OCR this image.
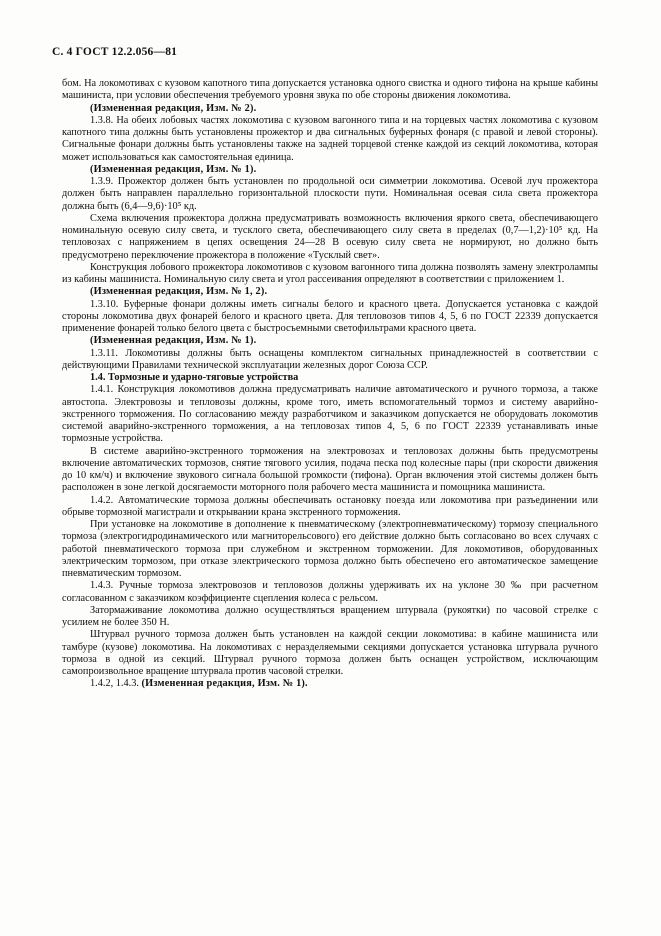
С. 4 ГОСТ 12.2.056—81

бом. На локомотивах с кузовом капотного типа допускается установка одного свистка и одного тифона на крыше кабины машиниста, при условии обеспечения требуемого уровня звука по обе стороны движения локомотива.

(Измененная редакция, Изм. № 2).

1.3.8. На обеих лобовых частях локомотива с кузовом вагонного типа и на торцевых частях локомотива с кузовом капотного типа должны быть установлены прожектор и два сигнальных буферных фонаря (с правой и левой стороны). Сигнальные фонари должны быть установлены также на задней торцевой стенке каждой из секций локомотива, которая может использоваться как самостоятельная единица.

(Измененная редакция, Изм. № 1).

1.3.9. Прожектор должен быть установлен по продольной оси симметрии локомотива. Осевой луч прожектора должен быть направлен параллельно горизонтальной плоскости пути. Номинальная осевая сила света прожектора должна быть (6,4—9,6)·10⁵ кд.

Схема включения прожектора должна предусматривать возможность включения яркого света, обеспечивающего номинальную осевую силу света, и тусклого света, обеспечивающего силу света в пределах (0,7—1,2)·10⁵ кд. На тепловозах с напряжением в цепях освещения 24—28 В осевую силу света не нормируют, но должно быть предусмотрено переключение прожектора в положение «Тусклый свет».

Конструкция лобового прожектора локомотивов с кузовом вагонного типа должна позволять замену электролампы из кабины машиниста. Номинальную силу света и угол рассеивания определяют в соответствии с приложением 1.

(Измененная редакция, Изм. № 1, 2).

1.3.10. Буферные фонари должны иметь сигналы белого и красного цвета. Допускается установка с каждой стороны локомотива двух фонарей белого и красного цвета. Для тепловозов типов 4, 5, 6 по ГОСТ 22339 допускается применение фонарей только белого цвета с быстросъемными светофильтрами красного цвета.

(Измененная редакция, Изм. № 1).

1.3.11. Локомотивы должны быть оснащены комплектом сигнальных принадлежностей в соответствии с действующими Правилами технической эксплуатации железных дорог Союза ССР.

1.4. Тормозные и ударно-тяговые устройства

1.4.1. Конструкция локомотивов должна предусматривать наличие автоматического и ручного тормоза, а также автостопа. Электровозы и тепловозы должны, кроме того, иметь вспомогательный тормоз и систему аварийно-экстренного торможения. По согласованию между разработчиком и заказчиком допускается не оборудовать локомотив системой аварийно-экстренного торможения, а на тепловозах типов 4, 5, 6 по ГОСТ 22339 устанавливать иные тормозные устройства.

В системе аварийно-экстренного торможения на электровозах и тепловозах должны быть предусмотрены включение автоматических тормозов, снятие тягового усилия, подача песка под колесные пары (при скорости движения до 10 км/ч) и включение звукового сигнала большой громкости (тифона). Орган включения этой системы должен быть расположен в зоне легкой досягаемости моторного поля рабочего места машиниста и помощника машиниста.

1.4.2. Автоматические тормоза должны обеспечивать остановку поезда или локомотива при разъединении или обрыве тормозной магистрали и открывании крана экстренного торможения.

При установке на локомотиве в дополнение к пневматическому (электропневматическому) тормозу специального тормоза (электрогидродинамического или магниторельсового) его действие должно быть согласовано во всех случаях с работой пневматического тормоза при служебном и экстренном торможении. Для локомотивов, оборудованных электрическим тормозом, при отказе электрического тормоза должно быть обеспечено его автоматическое замещение пневматическим тормозом.

1.4.3. Ручные тормоза электровозов и тепловозов должны удерживать их на уклоне 30 ‰ при расчетном согласованном с заказчиком коэффициенте сцепления колеса с рельсом.

Затормаживание локомотива должно осуществляться вращением штурвала (рукоятки) по часовой стрелке с усилием не более 350 Н.

Штурвал ручного тормоза должен быть установлен на каждой секции локомотива: в кабине машиниста или тамбуре (кузове) локомотива. На локомотивах с неразделяемыми секциями допускается установка штурвала ручного тормоза в одной из секций. Штурвал ручного тормоза должен быть оснащен устройством, исключающим самопроизвольное вращение штурвала против часовой стрелки.

1.4.2, 1.4.3. (Измененная редакция, Изм. № 1).
